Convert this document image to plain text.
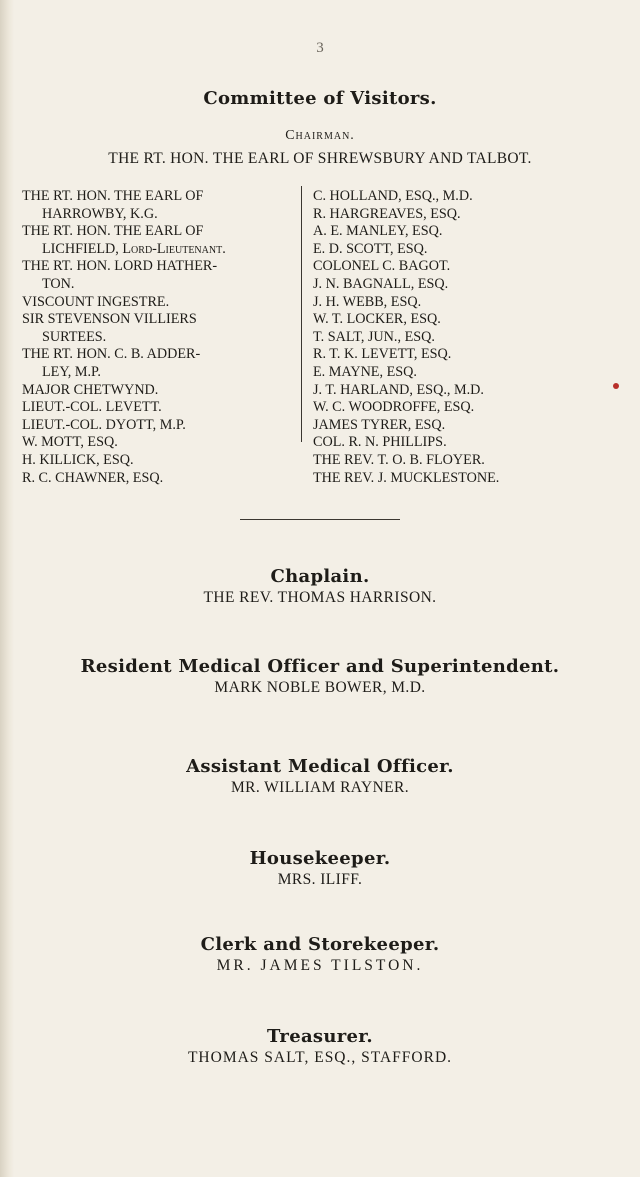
3
Committee of Visitors.
Chairman.
THE RT. HON. THE EARL OF SHREWSBURY AND TALBOT.
THE RT. HON. THE EARL OF
HARROWBY, K.G.
THE RT. HON. THE EARL OF
LICHFIELD, Lord-Lieutenant.
THE RT. HON. LORD HATHER-
TON.
VISCOUNT INGESTRE.
SIR STEVENSON VILLIERS
SURTEES.
THE RT. HON. C. B. ADDER-
LEY, M.P.
MAJOR CHETWYND.
LIEUT.-COL. LEVETT.
LIEUT.-COL. DYOTT, M.P.
W. MOTT, ESQ.
H. KILLICK, ESQ.
R. C. CHAWNER, ESQ.
C. HOLLAND, ESQ., M.D.
R. HARGREAVES, ESQ.
A. E. MANLEY, ESQ.
E. D. SCOTT, ESQ.
COLONEL C. BAGOT.
J. N. BAGNALL, ESQ.
J. H. WEBB, ESQ.
W. T. LOCKER, ESQ.
T. SALT, JUN., ESQ.
R. T. K. LEVETT, ESQ.
E. MAYNE, ESQ.
J. T. HARLAND, ESQ., M.D.
W. C. WOODROFFE, ESQ.
JAMES TYRER, ESQ.
COL. R. N. PHILLIPS.
THE REV. T. O. B. FLOYER.
THE REV. J. MUCKLESTONE.
Chaplain.
THE REV. THOMAS HARRISON.
Resident Medical Officer and Superintendent.
MARK NOBLE BOWER, M.D.
Assistant Medical Officer.
MR. WILLIAM RAYNER.
Housekeeper.
MRS. ILIFF.
Clerk and Storekeeper.
MR. JAMES TILSTON.
Treasurer.
THOMAS SALT, ESQ., STAFFORD.
